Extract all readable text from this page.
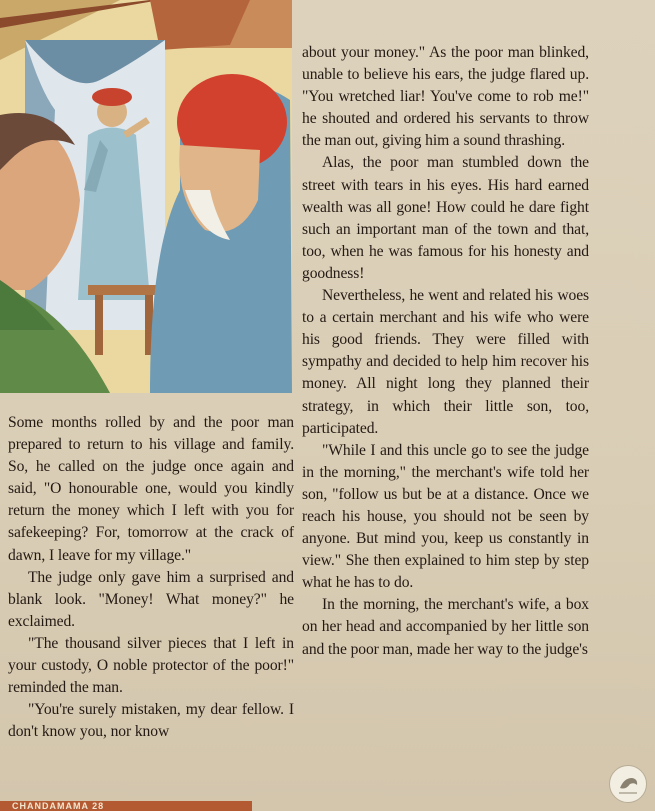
Some months rolled by and the poor man prepared to return to his village and family. So, he called on the judge once again and said, "O honourable one, would you kindly return the money which I left with you for safekeeping? For, tomorrow at the crack of dawn, I leave for my village."

The judge only gave him a surprised and blank look. "Money! What money?" he exclaimed.

"The thousand silver pieces that I left in your custody, O noble protector of the poor!" reminded the man.

"You're surely mistaken, my dear fellow. I don't know you, nor know

about your money." As the poor man blinked, unable to believe his ears, the judge flared up. "You wretched liar! You've come to rob me!" he shouted and ordered his servants to throw the man out, giving him a sound thrashing.

Alas, the poor man stumbled down the street with tears in his eyes. His hard earned wealth was all gone! How could he dare fight such an important man of the town and that, too, when he was famous for his honesty and goodness!

Nevertheless, he went and related his woes to a certain merchant and his wife who were his good friends. They were filled with sympathy and decided to help him recover his money. All night long they planned their strategy, in which their little son, too, participated.

"While I and this uncle go to see the judge in the morning," the merchant's wife told her son, "follow us but be at a distance. Once we reach his house, you should not be seen by anyone. But mind you, keep us constantly in view." She then explained to him step by step what he has to do.

In the morning, the merchant's wife, a box on her head and accompanied by her little son and the poor man, made her way to the judge's

CHANDAMAMA 28
